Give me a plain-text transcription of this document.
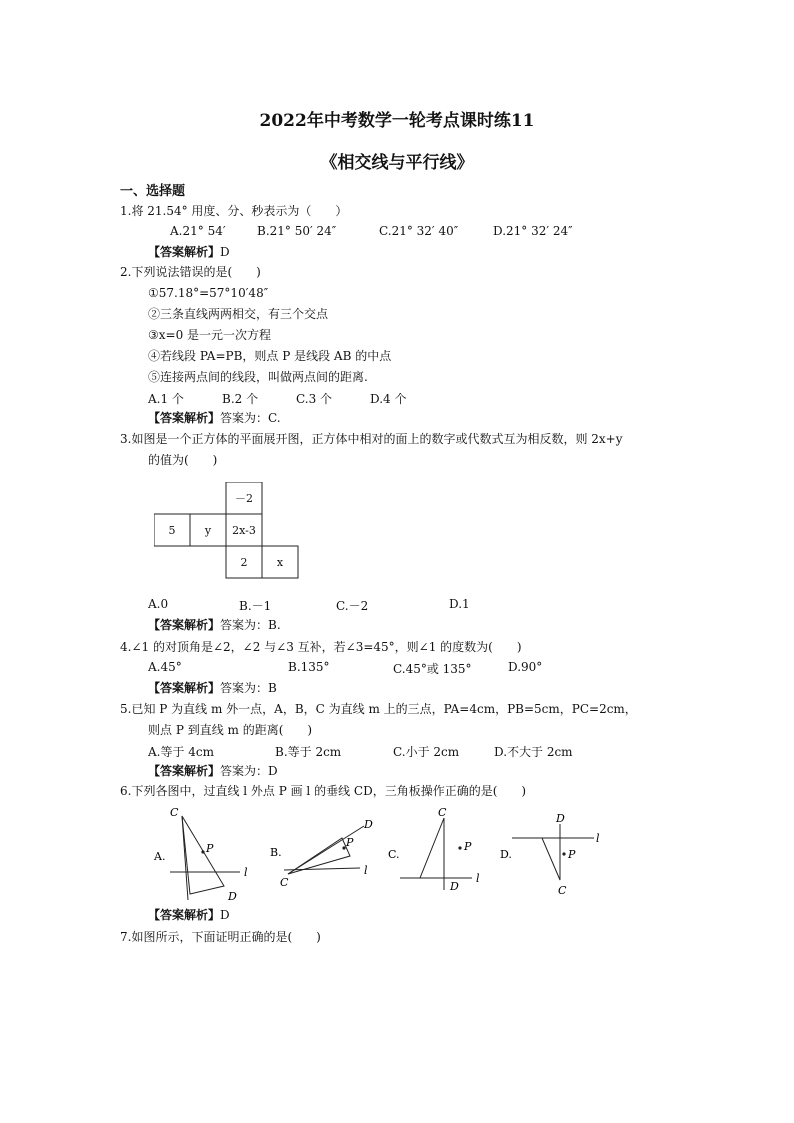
2022年中考数学一轮考点课时练11
《相交线与平行线》
一、选择题
1.将 21.54° 用度、分、秒表示为（　　）
A.21° 54′	B.21° 50′ 24″	C.21° 32′ 40″	D.21° 32′ 24″
【答案解析】D
2.下列说法错误的是(　　)
①57.18°=57°10′48″
②三条直线两两相交，有三个交点
③x=0 是一元一次方程
④若线段 PA=PB，则点 P 是线段 AB 的中点
⑤连接两点间的线段，叫做两点间的距离.
A.1 个	B.2 个	C.3 个	D.4 个
【答案解析】答案为：C.
3.如图是一个正方体的平面展开图，正方体中相对的面上的数字或代数式互为相反数，则 2x+y
的值为(　　)
－2
5	y	2x-3
2	x
A.0	B.－1	C.－2	D.1
【答案解析】答案为：B.
4.∠1 的对顶角是∠2，∠2 与∠3 互补，若∠3=45°，则∠1 的度数为(　　)
A.45°	B.135°	C.45°或 135°	D.90°
【答案解析】答案为：B
5.已知 P 为直线 m 外一点，A，B，C 为直线 m 上的三点，PA=4cm，PB=5cm，PC=2cm，
则点 P 到直线 m 的距离(　　)
A.等于 4cm	B.等于 2cm	C.小于 2cm	D.不大于 2cm
【答案解析】答案为：D
6.下列各图中，过直线 l 外点 P 画 l 的垂线 CD，三角板操作正确的是(　　)
A.
C
P
l
D
B.
C
P
D
l
C.
C
P
D
l
D.
D
P
C
l
【答案解析】D
7.如图所示，下面证明正确的是(　　)
